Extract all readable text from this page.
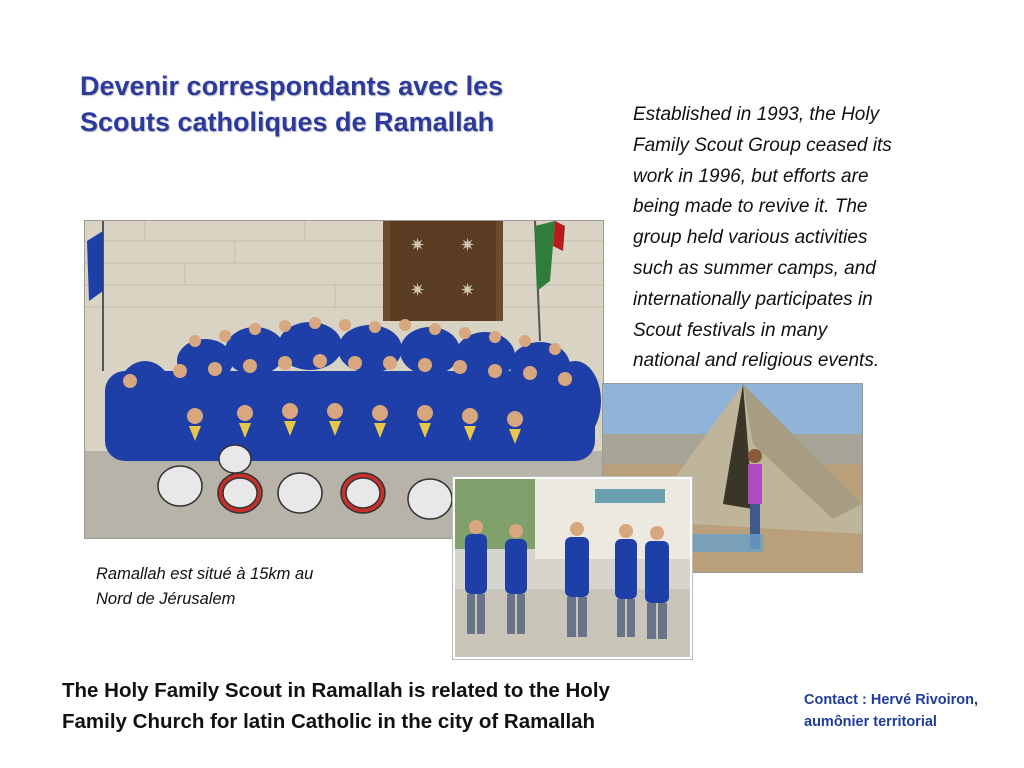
Devenir correspondants avec les
Scouts catholiques de Ramallah	Established in 1993, the Holy
Family Scout Group ceased its
work in 1996, but efforts are
being made to revive it. The
group held various activities
such as summer camps, and
internationally participates in
Scout festivals in many
national and religious events.
✷ ✷
✷ ✷
Ramallah est situé à 15km au
Nord de Jérusalem
The Holy Family Scout in Ramallah is related to the Holy
Family Church for latin Catholic in the city of Ramallah
Contact : Hervé Rivoiron,
aumônier territorial
